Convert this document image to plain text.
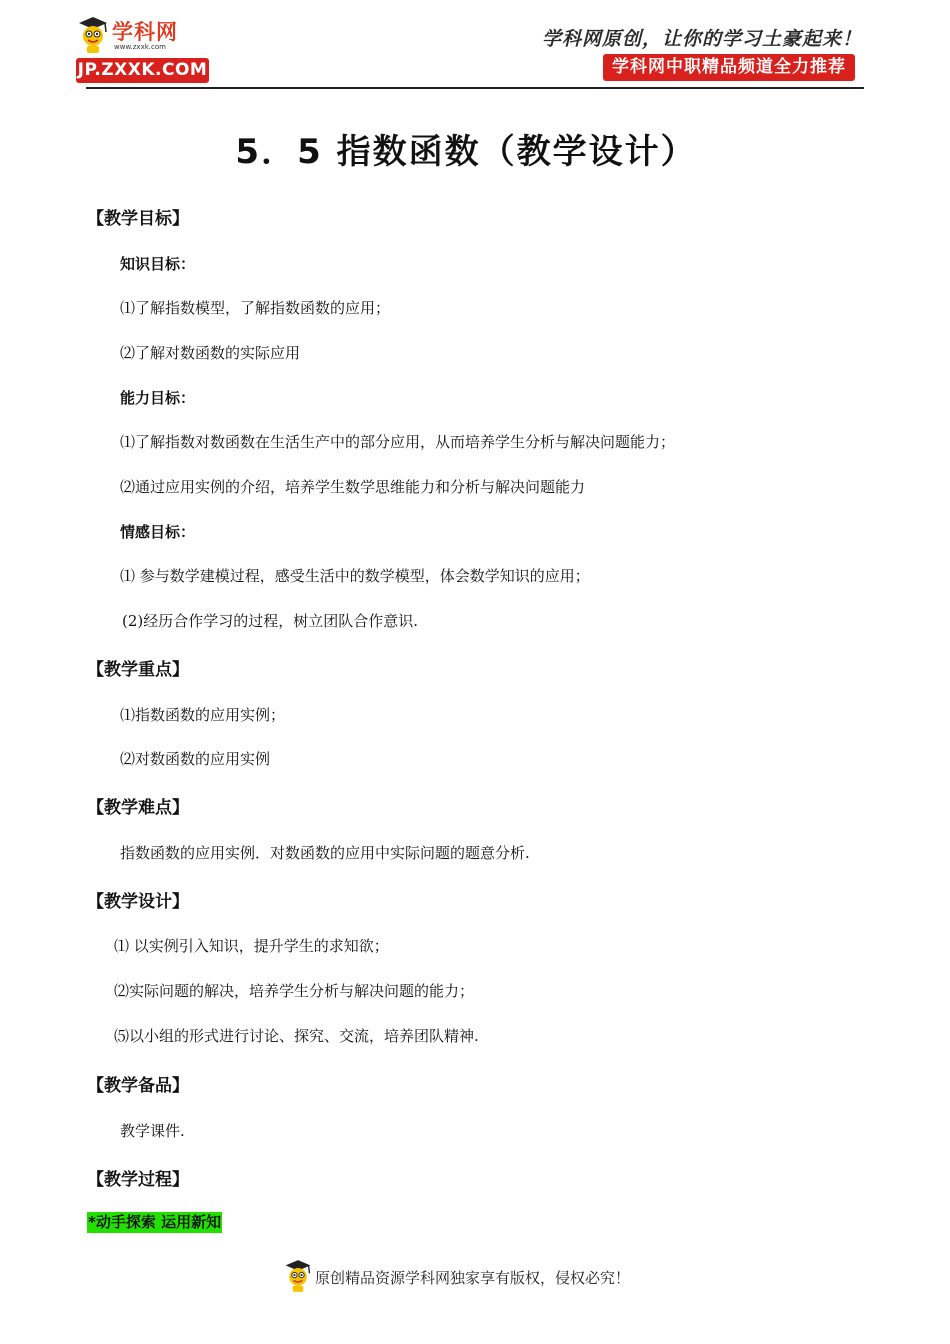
学科网
www.zxxk.com
JP.ZXXK.COM
学科网原创，让你的学习土豪起来！
学科网中职精品频道全力推荐
5．5 指数函数（教学设计）
【教学目标】
知识目标：
⑴了解指数模型，了解指数函数的应用；
⑵了解对数函数的实际应用
能力目标：
⑴了解指数对数函数在生活生产中的部分应用，从而培养学生分析与解决问题能力；
⑵通过应用实例的介绍，培养学生数学思维能力和分析与解决问题能力
情感目标：
⑴ 参与数学建模过程，感受生活中的数学模型，体会数学知识的应用；
(2)经历合作学习的过程，树立团队合作意识.
【教学重点】
⑴指数函数的应用实例；
⑵对数函数的应用实例
【教学难点】
指数函数的应用实例．对数函数的应用中实际问题的题意分析.
【教学设计】
⑴ 以实例引入知识，提升学生的求知欲；
⑵实际问题的解决，培养学生分析与解决问题的能力；
⑸以小组的形式进行讨论、探究、交流，培养团队精神.
【教学备品】
教学课件.
【教学过程】
*动手探索 运用新知
原创精品资源学科网独家享有版权，侵权必究！
